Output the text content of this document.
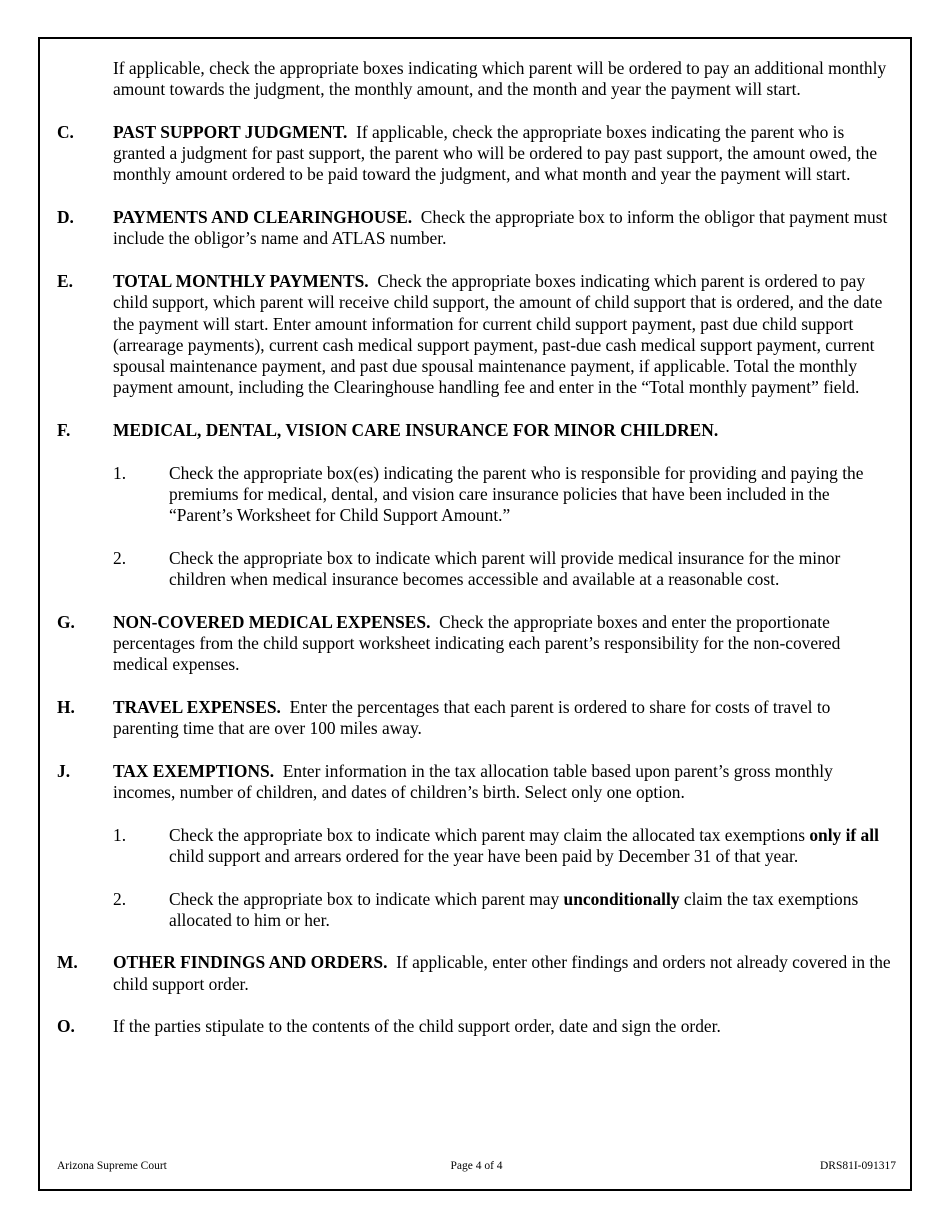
If applicable, check the appropriate boxes indicating which parent will be ordered to pay an additional monthly amount towards the judgment, the monthly amount, and the month and year the payment will start.
C. PAST SUPPORT JUDGMENT. If applicable, check the appropriate boxes indicating the parent who is granted a judgment for past support, the parent who will be ordered to pay past support, the amount owed, the monthly amount ordered to be paid toward the judgment, and what month and year the payment will start.
D. PAYMENTS AND CLEARINGHOUSE. Check the appropriate box to inform the obligor that payment must include the obligor’s name and ATLAS number.
E. TOTAL MONTHLY PAYMENTS. Check the appropriate boxes indicating which parent is ordered to pay child support, which parent will receive child support, the amount of child support that is ordered, and the date the payment will start. Enter amount information for current child support payment, past due child support (arrearage payments), current cash medical support payment, past-due cash medical support payment, current spousal maintenance payment, and past due spousal maintenance payment, if applicable. Total the monthly payment amount, including the Clearinghouse handling fee and enter in the “Total monthly payment” field.
F. MEDICAL, DENTAL, VISION CARE INSURANCE FOR MINOR CHILDREN.
1. Check the appropriate box(es) indicating the parent who is responsible for providing and paying the premiums for medical, dental, and vision care insurance policies that have been included in the “Parent’s Worksheet for Child Support Amount.”
2. Check the appropriate box to indicate which parent will provide medical insurance for the minor children when medical insurance becomes accessible and available at a reasonable cost.
G. NON-COVERED MEDICAL EXPENSES. Check the appropriate boxes and enter the proportionate percentages from the child support worksheet indicating each parent’s responsibility for the non-covered medical expenses.
H. TRAVEL EXPENSES. Enter the percentages that each parent is ordered to share for costs of travel to parenting time that are over 100 miles away.
J. TAX EXEMPTIONS. Enter information in the tax allocation table based upon parent’s gross monthly incomes, number of children, and dates of children’s birth. Select only one option.
1. Check the appropriate box to indicate which parent may claim the allocated tax exemptions only if all child support and arrears ordered for the year have been paid by December 31 of that year.
2. Check the appropriate box to indicate which parent may unconditionally claim the tax exemptions allocated to him or her.
M. OTHER FINDINGS AND ORDERS. If applicable, enter other findings and orders not already covered in the child support order.
O. If the parties stipulate to the contents of the child support order, date and sign the order.
Arizona Supreme Court	Page 4 of 4	DRS81I-091317
